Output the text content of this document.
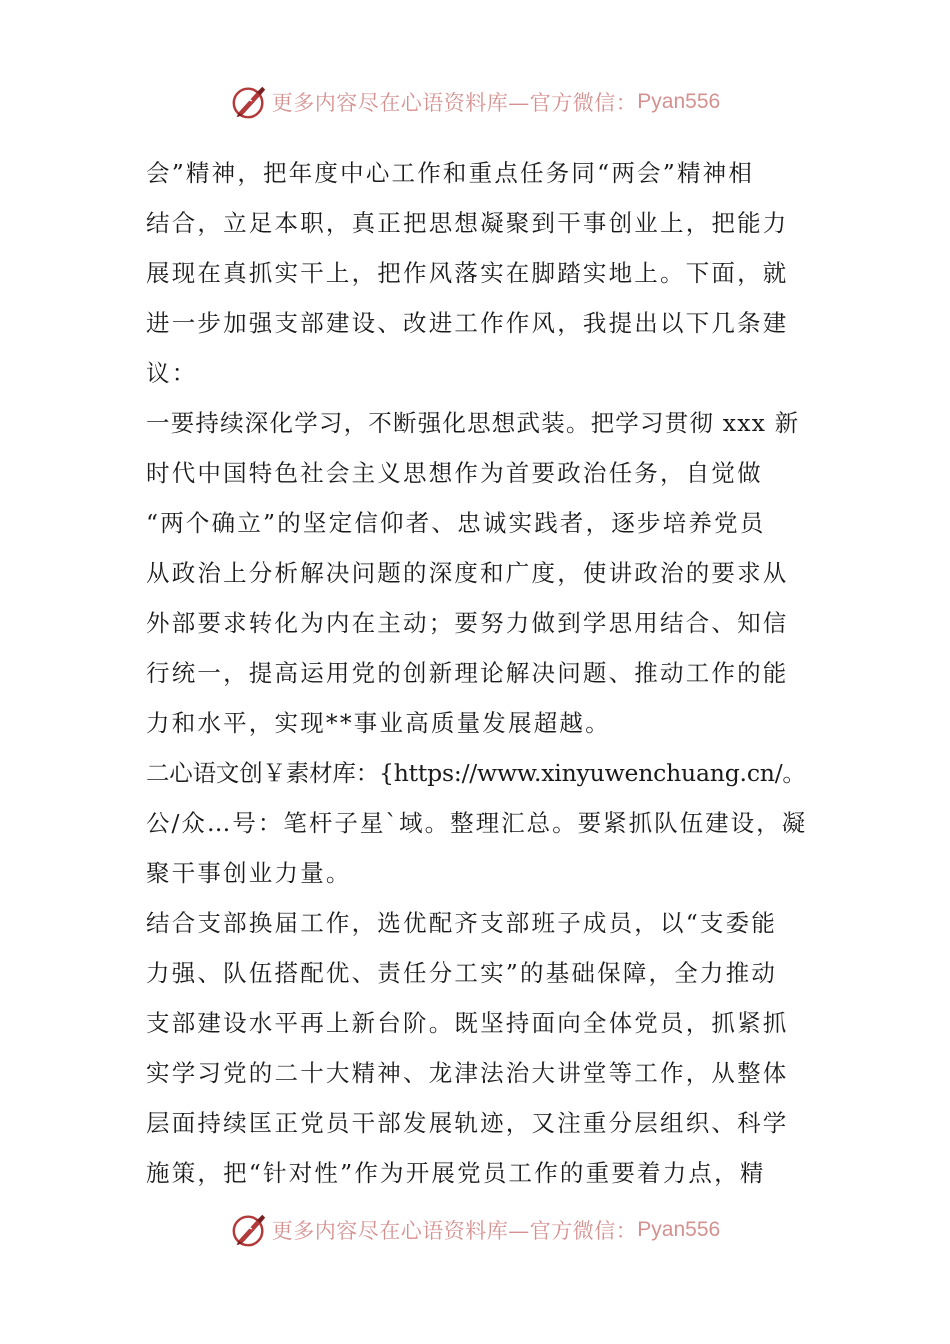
更多内容尽在心语资料库—官方微信： Pyan556
会”精神，把年度中心工作和重点任务同“两会”精神相
结合，立足本职，真正把思想凝聚到干事创业上，把能力
展现在真抓实干上，把作风落实在脚踏实地上。下面，就
进一步加强支部建设、改进工作作风，我提出以下几条建
议：
一要持续深化学习，不断强化思想武装。把学习贯彻 xxx 新
时代中国特色社会主义思想作为首要政治任务，自觉做
“两个确立”的坚定信仰者、忠诚实践者，逐步培养党员
从政治上分析解决问题的深度和广度，使讲政治的要求从
外部要求转化为内在主动；要努力做到学思用结合、知信
行统一，提高运用党的创新理论解决问题、推动工作的能
力和水平，实现**事业高质量发展超越。
二心语文创￥素材库：{https://www.xinyuwenchuang.cn/。
公/众…号：笔杆子星`域。整理汇总。要紧抓队伍建设，凝
聚干事创业力量。
结合支部换届工作，选优配齐支部班子成员，以“支委能
力强、队伍搭配优、责任分工实”的基础保障，全力推动
支部建设水平再上新台阶。既坚持面向全体党员，抓紧抓
实学习党的二十大精神、龙津法治大讲堂等工作，从整体
层面持续匡正党员干部发展轨迹，又注重分层组织、科学
施策，把“针对性”作为开展党员工作的重要着力点，精
更多内容尽在心语资料库—官方微信： Pyan556
